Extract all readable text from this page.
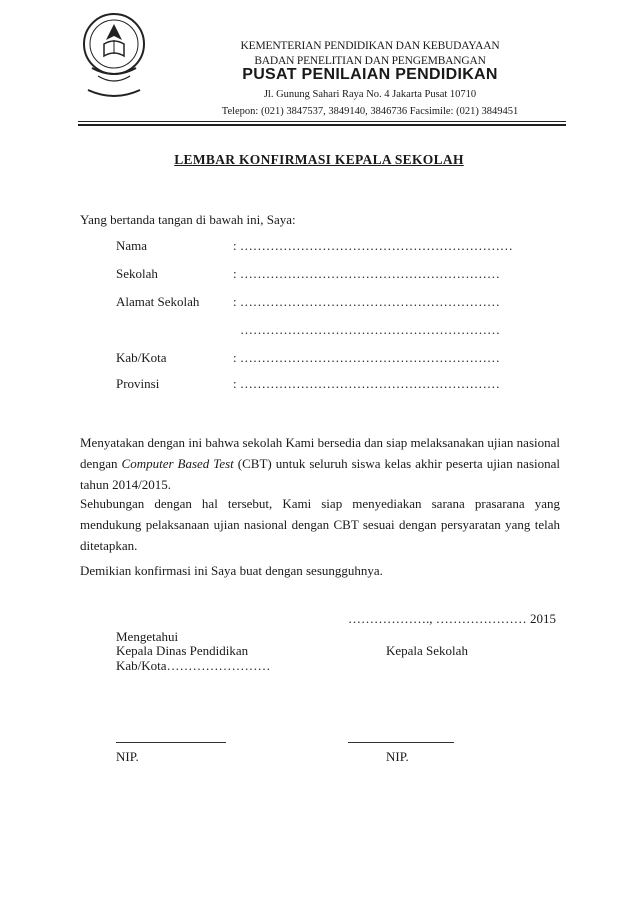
KEMENTERIAN PENDIDIKAN DAN KEBUDAYAAN
BADAN PENELITIAN DAN PENGEMBANGAN
PUSAT PENILAIAN PENDIDIKAN
Jl. Gunung Sahari Raya No. 4 Jakarta Pusat 10710
Telepon: (021) 3847537, 3849140, 3846736 Facsimile: (021) 3849451
LEMBAR KONFIRMASI KEPALA SEKOLAH
Yang bertanda tangan di bawah ini, Saya:
Nama	: ………………………………………………………
Sekolah	: ……………………………………………………
Alamat Sekolah	: ……………………………………………………
……………………………………………………
Kab/Kota	: ……………………………………………………
Provinsi	: ……………………………………………………
Menyatakan dengan ini bahwa sekolah Kami bersedia dan siap melaksanakan ujian nasional dengan Computer Based Test (CBT) untuk seluruh siswa kelas akhir peserta ujian nasional tahun 2014/2015.
Sehubungan dengan hal tersebut, Kami siap menyediakan sarana prasarana yang mendukung pelaksanaan ujian nasional dengan CBT sesuai dengan persyaratan yang telah ditetapkan.
Demikian konfirmasi ini Saya buat dengan sesungguhnya.
………………., ………………… 2015
Mengetahui
Kepala Dinas Pendidikan	Kepala Sekolah
Kab/Kota……………………
NIP.	NIP.
